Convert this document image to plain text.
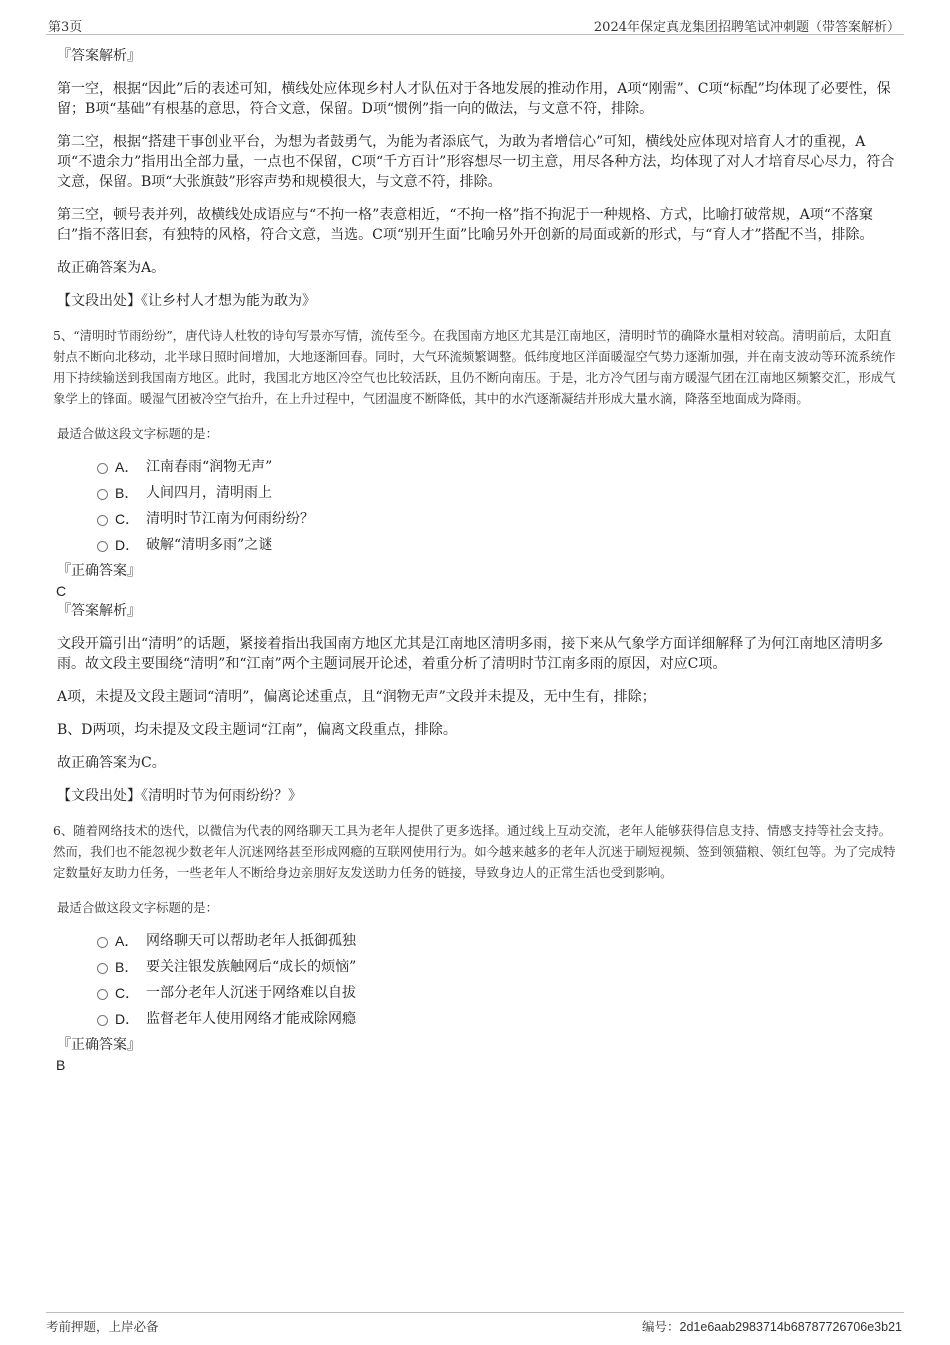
第3页	2024年保定真龙集团招聘笔试冲刺题（带答案解析）

『答案解析』

第一空，根据“因此”后的表述可知，横线处应体现乡村人才队伍对于各地发展的推动作用，A项“刚需”、C项“标配”均体现了必要性，保留；B项“基础”有根基的意思，符合文意，保留。D项“惯例”指一向的做法，与文意不符，排除。

第二空，根据“搭建干事创业平台，为想为者鼓勇气，为能为者添底气，为敢为者增信心”可知，横线处应体现对培育人才的重视，A项“不遗余力”指用出全部力量，一点也不保留，C项“千方百计”形容想尽一切主意，用尽各种方法，均体现了对人才培育尽心尽力，符合文意，保留。B项“大张旗鼓”形容声势和规模很大，与文意不符，排除。

第三空，顿号表并列，故横线处成语应与“不拘一格”表意相近，“不拘一格”指不拘泥于一种规格、方式，比喻打破常规，A项“不落窠臼”指不落旧套，有独特的风格，符合文意，当选。C项“别开生面”比喻另外开创新的局面或新的形式，与“育人才”搭配不当，排除。

故正确答案为A。

【文段出处】《让乡村人才想为能为敢为》

5、“清明时节雨纷纷”，唐代诗人杜牧的诗句写景亦写情，流传至今。在我国南方地区尤其是江南地区，清明时节的确降水量相对较高。清明前后，太阳直射点不断向北移动，北半球日照时间增加，大地逐渐回春。同时，大气环流频繁调整。低纬度地区洋面暖湿空气势力逐渐加强，并在南支波动等环流系统作用下持续输送到我国南方地区。此时，我国北方地区冷空气也比较活跃，且仍不断向南压。于是，北方冷气团与南方暖湿气团在江南地区频繁交汇，形成气象学上的锋面。暖湿气团被冷空气抬升，在上升过程中，气团温度不断降低，其中的水汽逐渐凝结并形成大量水滴，降落至地面成为降雨。

最适合做这段文字标题的是：

A． 江南春雨“润物无声”
B． 人间四月，清明雨上
C． 清明时节江南为何雨纷纷？
D． 破解“清明多雨”之谜

『正确答案』

C

『答案解析』

文段开篇引出“清明”的话题，紧接着指出我国南方地区尤其是江南地区清明多雨，接下来从气象学方面详细解释了为何江南地区清明多雨。故文段主要围绕“清明”和“江南”两个主题词展开论述，着重分析了清明时节江南多雨的原因，对应C项。

A项，未提及文段主题词“清明”，偏离论述重点，且“润物无声”文段并未提及，无中生有，排除；

B、D两项，均未提及文段主题词“江南”，偏离文段重点，排除。

故正确答案为C。

【文段出处】《清明时节为何雨纷纷？》

6、随着网络技术的迭代，以微信为代表的网络聊天工具为老年人提供了更多选择。通过线上互动交流，老年人能够获得信息支持、情感支持等社会支持。然而，我们也不能忽视少数老年人沉迷网络甚至形成网瘾的互联网使用行为。如今越来越多的老年人沉迷于刷短视频、签到领猫粮、领红包等。为了完成特定数量好友助力任务，一些老年人不断给身边亲朋好友发送助力任务的链接，导致身边人的正常生活也受到影响。

最适合做这段文字标题的是：

A． 网络聊天可以帮助老年人抵御孤独
B． 要关注银发族触网后“成长的烦恼”
C． 一部分老年人沉迷于网络难以自拔
D． 监督老年人使用网络才能戒除网瘾

『正确答案』

B

考前押题，上岸必备	编号：2d1e6aab2983714b68787726706e3b21
